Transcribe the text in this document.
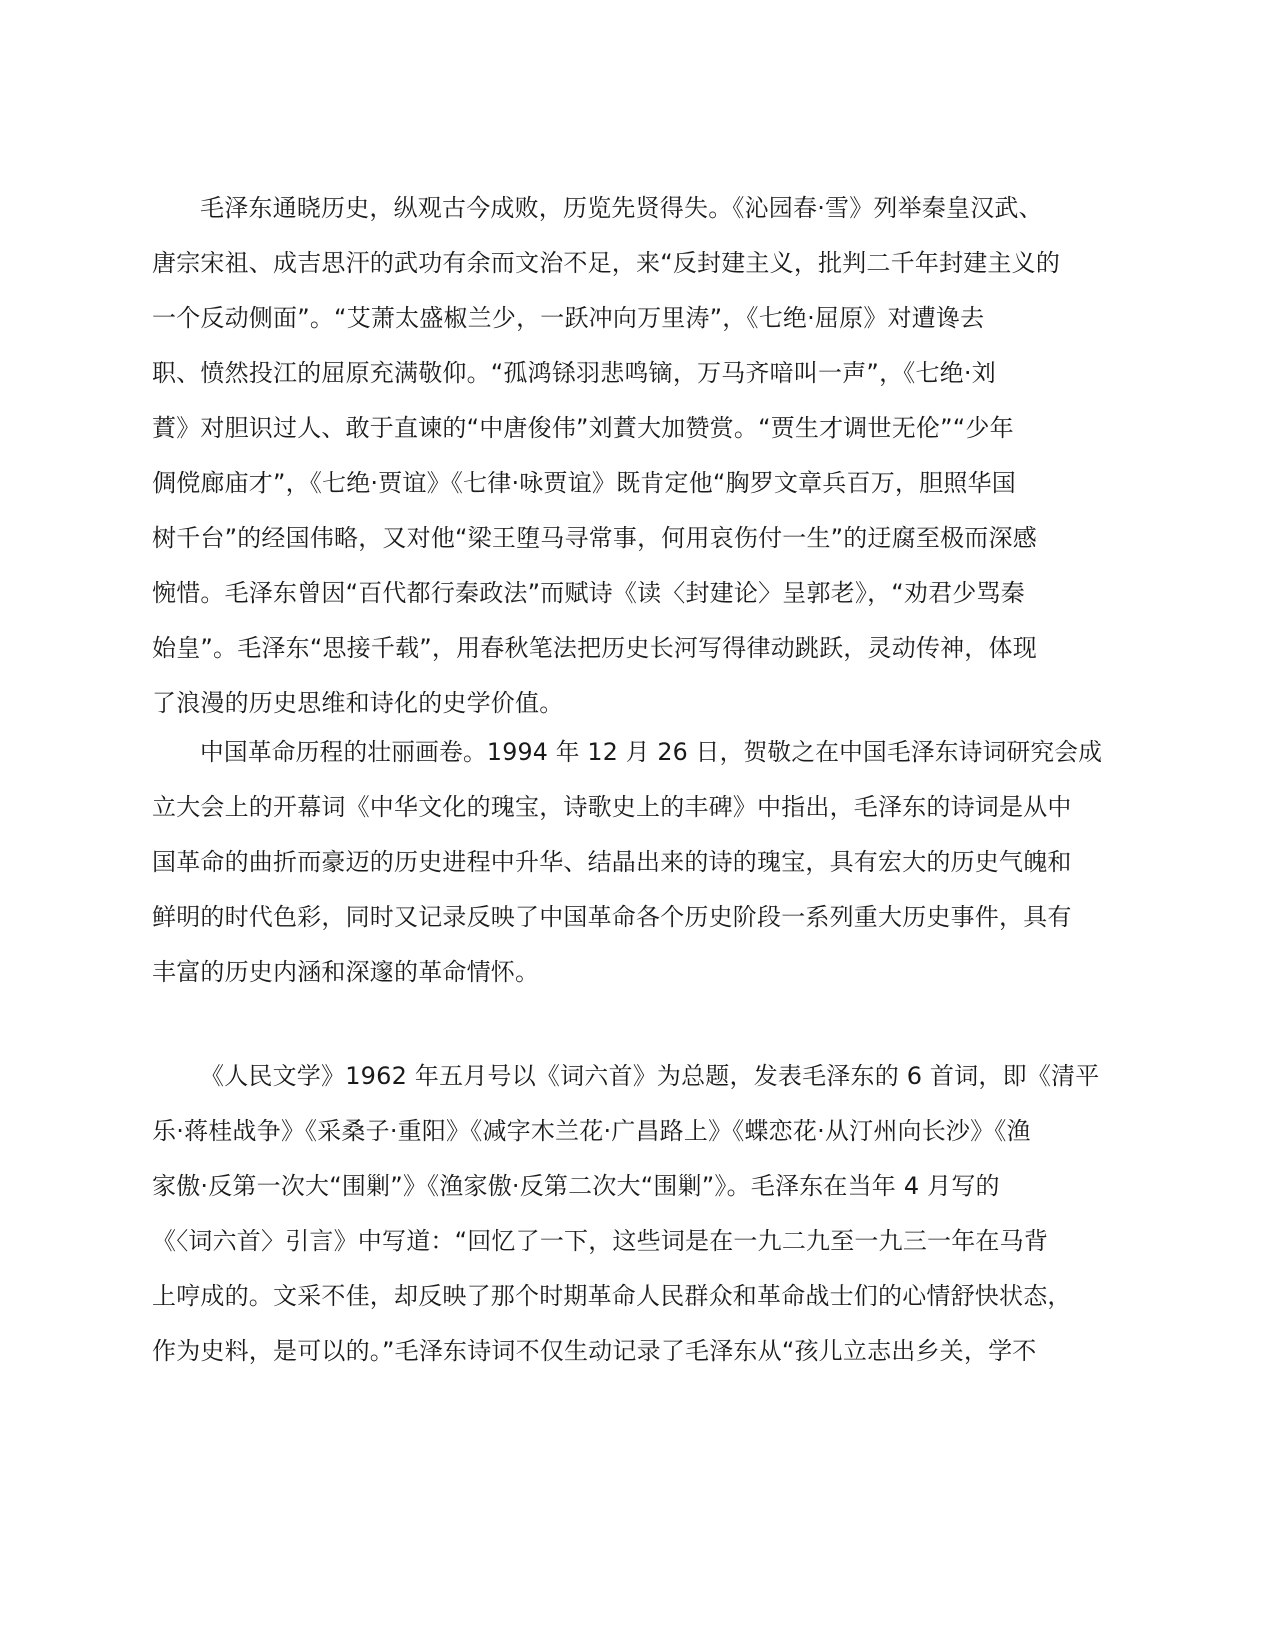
毛泽东通晓历史，纵观古今成败，历览先贤得失。《沁园春·雪》列举秦皇汉武、
唐宗宋祖、成吉思汗的武功有余而文治不足，来“反封建主义，批判二千年封建主义的
一个反动侧面”。“艾萧太盛椒兰少，一跃冲向万里涛”，《七绝·屈原》对遭谗去
职、愤然投江的屈原充满敬仰。“孤鸿铩羽悲鸣镝，万马齐喑叫一声”，《七绝·刘
蕡》对胆识过人、敢于直谏的“中唐俊伟”刘蕡大加赞赏。“贾生才调世无伦”“少年
倜傥廊庙才”，《七绝·贾谊》《七律·咏贾谊》既肯定他“胸罗文章兵百万，胆照华国
树千台”的经国伟略，又对他“梁王堕马寻常事，何用哀伤付一生”的迂腐至极而深感
惋惜。毛泽东曾因“百代都行秦政法”而赋诗《读〈封建论〉呈郭老》，“劝君少骂秦
始皇”。毛泽东“思接千载”，用春秋笔法把历史长河写得律动跳跃，灵动传神，体现
了浪漫的历史思维和诗化的史学价值。
中国革命历程的壮丽画卷。1994 年 12 月 26 日，贺敬之在中国毛泽东诗词研究会成
立大会上的开幕词《中华文化的瑰宝，诗歌史上的丰碑》中指出，毛泽东的诗词是从中
国革命的曲折而豪迈的历史进程中升华、结晶出来的诗的瑰宝，具有宏大的历史气魄和
鲜明的时代色彩，同时又记录反映了中国革命各个历史阶段一系列重大历史事件，具有
丰富的历史内涵和深邃的革命情怀。
《人民文学》1962 年五月号以《词六首》为总题，发表毛泽东的 6 首词，即《清平
乐·蒋桂战争》《采桑子·重阳》《减字木兰花·广昌路上》《蝶恋花·从汀州向长沙》《渔
家傲·反第一次大“围剿”》《渔家傲·反第二次大“围剿”》。毛泽东在当年 4 月写的
《〈词六首〉引言》中写道：“回忆了一下，这些词是在一九二九至一九三一年在马背
上哼成的。文采不佳，却反映了那个时期革命人民群众和革命战士们的心情舒快状态，
作为史料，是可以的。”毛泽东诗词不仅生动记录了毛泽东从“孩儿立志出乡关，学不
